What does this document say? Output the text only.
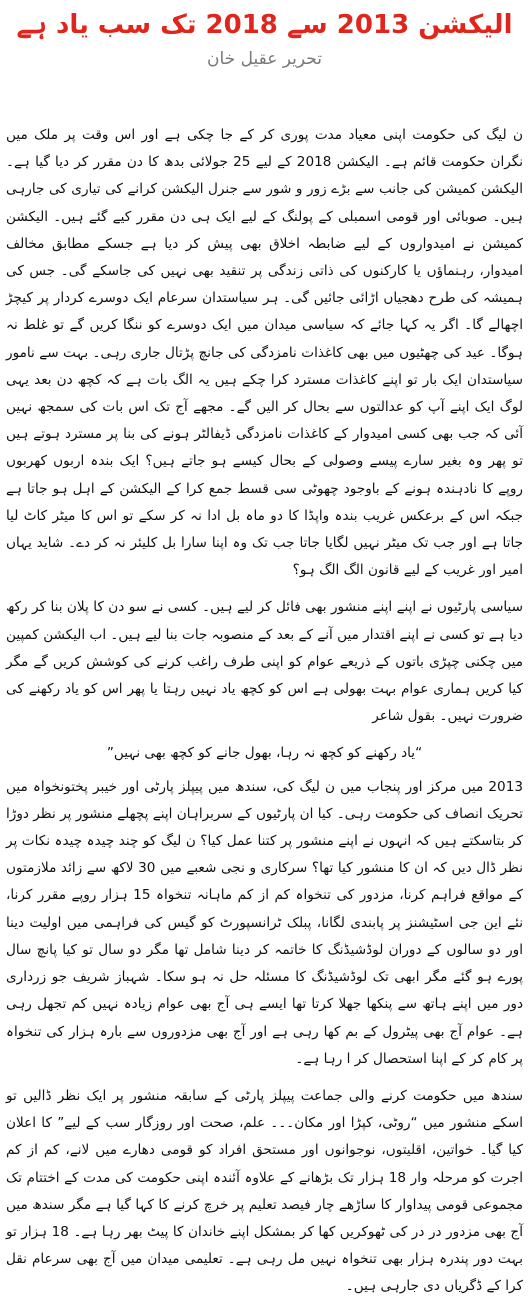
الیکشن 2013 سے 2018 تک سب یاد ہے
تحریر عقیل خان

ن لیگ کی حکومت اپنی معیاد مدت پوری کر کے جا چکی ہے اور اس وقت پر ملک میں نگران حکومت قائم ہے۔ الیکشن 2018 کے لیے 25 جولائی بدھ کا دن مقرر کر دیا گیا ہے۔ الیکشن کمیشن کی جانب سے بڑے زور و شور سے جنرل الیکشن کرانے کی تیاری کی جارہی ہیں۔ صوبائی اور قومی اسمبلی کے پولنگ کے لیے ایک ہی دن مقرر کیے گئے ہیں۔ الیکشن کمیشن نے امیدواروں کے لیے ضابطہ اخلاق بھی پیش کر دیا ہے جسکے مطابق مخالف امیدوار، رہنماؤں یا کارکنوں کی ذاتی زندگی پر تنقید بھی نہیں کی جاسکے گی۔ جس کی ہمیشہ کی طرح دھجیاں اڑائی جائیں گی۔ ہر سیاستدان سرعام ایک دوسرے کردار پر کیچڑ اچھالے گا۔ اگر یہ کہا جائے کہ سیاسی میدان میں ایک دوسرے کو ننگا کریں گے تو غلط نہ ہوگا۔ عید کی چھٹیوں میں بھی کاغذات نامزدگی کی جانچ پڑتال جاری رہی۔ بہت سے نامور سیاستدان ایک بار تو اپنے کاغذات مسترد کرا چکے ہیں یہ الگ بات ہے کہ کچھ دن بعد یہی لوگ ایک اپنے آپ کو عدالتوں سے بحال کر الیں گے۔ مجھے آج تک اس بات کی سمجھ نہیں آئی کہ جب بھی کسی امیدوار کے کاغذات نامزدگی ڈیفالٹر ہونے کی بنا پر مسترد ہوتے ہیں تو پھر وہ بغیر سارے پیسے وصولی کے بحال کیسے ہو جاتے ہیں؟ ایک بندہ اربوں کھربوں روپے کا نادہندہ ہونے کے باوجود چھوٹی سی قسط جمع کرا کے الیکشن کے اہل ہو جاتا ہے جبکہ اس کے برعکس غریب بندہ واپڈا کا دو ماہ بل ادا نہ کر سکے تو اس کا میٹر کاٹ لیا جاتا ہے اور جب تک میٹر نہیں لگایا جاتا جب تک وہ اپنا سارا بل کلیئر نہ کر دے۔ شاید یہاں امیر اور غریب کے لیے قانون الگ الگ ہو؟

سیاسی پارٹیوں نے اپنے اپنے منشور بھی فائل کر لیے ہیں۔ کسی نے سو دن کا پلان بنا کر رکھ دیا ہے تو کسی نے اپنے اقتدار میں آنے کے بعد کے منصوبہ جات بنا لیے ہیں۔ اب الیکشن کمپین میں چکنی چپڑی باتوں کے ذریعے عوام کو اپنی طرف راغب کرنے کی کوشش کریں گے مگر کیا کریں ہماری عوام بہت بھولی ہے اس کو کچھ یاد نہیں رہتا یا پھر اس کو یاد رکھنے کی ضرورت نہیں۔ بقول شاعر

“یاد رکھنے کو کچھ نہ رہا، بھول جانے کو کچھ بھی نہیں”

2013 میں مرکز اور پنجاب میں ن لیگ کی، سندھ میں پیپلز پارٹی اور خیبر پختونخواہ میں تحریک انصاف کی حکومت رہی۔ کیا ان پارٹیوں کے سربراہان اپنے پچھلے منشور پر نظر دوڑا کر بتاسکتے ہیں کہ انہوں نے اپنے منشور پر کتنا عمل کیا؟ ن لیگ کو چند چیدہ چیدہ نکات پر نظر ڈال دیں کہ ان کا منشور کیا تھا؟ سرکاری و نجی شعبے میں 30 لاکھ سے زائد ملازمتوں کے مواقع فراہم کرنا، مزدور کی تنخواہ کم از کم ماہانہ تنخواہ 15 ہزار روپے مقرر کرنا، نئے این جی اسٹیشنز پر پابندی لگانا، پبلک ٹرانسپورٹ کو گیس کی فراہمی میں اولیت دینا اور دو سالوں کے دوران لوڈشیڈنگ کا خاتمہ کر دینا شامل تھا مگر دو سال تو کیا پانچ سال پورے ہو گئے مگر ابھی تک لوڈشیڈنگ کا مسئلہ حل نہ ہو سکا۔ شہباز شریف جو زرداری دور میں اپنے ہاتھ سے پنکھا جھلا کرتا تھا ایسے ہی آج بھی عوام زیادہ نہیں کم تجھل رہی ہے۔ عوام آج بھی پیٹرول کے بم کھا رہی ہے اور آج بھی مزدوروں سے بارہ ہزار کی تنخواہ پر کام کر کے اپنا استحصال کر ا رہا ہے۔

سندھ میں حکومت کرنے والی جماعت پیپلز پارٹی کے سابقہ منشور پر ایک نظر ڈالیں تو اسکے منشور میں “روٹی، کپڑا اور مکان۔۔۔ علم، صحت اور روزگار سب کے لیے” کا اعلان کیا گیا۔ خواتین، اقلیتوں، نوجوانوں اور مستحق افراد کو قومی دھارے میں لانے، کم از کم اجرت کو مرحلہ وار 18 ہزار تک بڑھانے کے علاوہ آئندہ اپنی حکومت کی مدت کے اختتام تک مجموعی قومی پیداوار کا ساڑھے چار فیصد تعلیم پر خرچ کرنے کا کہا گیا ہے مگر سندھ میں آج بھی مزدور در در کی ٹھوکریں کھا کر بمشکل اپنے خاندان کا پیٹ بھر رہا ہے۔ 18 ہزار تو بہت دور پندرہ ہزار بھی تنخواہ نہیں مل رہی ہے۔ تعلیمی میدان میں آج بھی سرعام نقل کرا کے ڈگریاں دی جارہی ہیں۔
